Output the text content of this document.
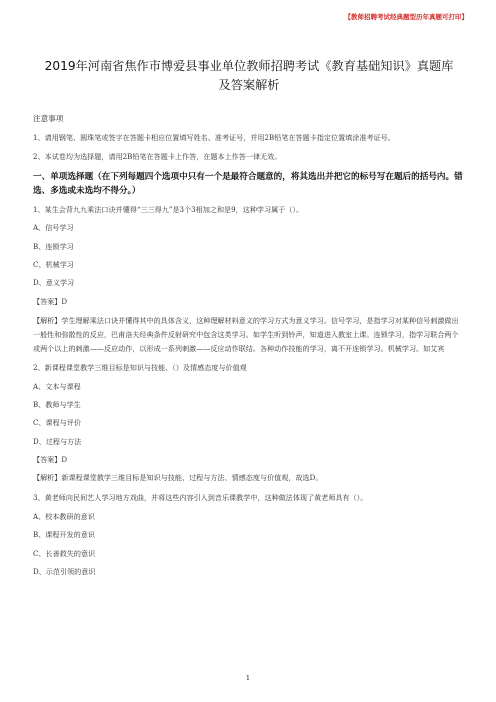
【教师招聘考试经典题型历年真题可打印】
2019年河南省焦作市博爱县事业单位教师招聘考试《教育基础知识》真题库及答案解析

注意事项

1、请用钢笔、圆珠笔或签字在答题卡相应位置填写姓名、准考证号，并用2B铅笔在答题卡指定位置填涂准考证号。

2、本试卷均为选择题，请用2B铅笔在答题卡上作答，在题本上作答一律无效。

一、单项选择题（在下列每题四个选项中只有一个是最符合题意的，将其选出并把它的标号写在题后的括号内。错选、多选或未选均不得分。）

1、某生会背九九乘法口诀并懂得“三三得九”是3个3相加之和是9，这种学习属于（）。

A、信号学习

B、连锁学习

C、机械学习

D、意义学习

【答案】D

【解析】学生理解乘法口诀并懂得其中的具体含义，这种理解材料意义的学习方式为意义学习。信号学习，是指学习对某种信号刺激做出一般性和弥散性的反应，巴甫洛夫经典条件反射研究中包含这类学习。如学生听到铃声，知道进入教室上课。连锁学习，指学习联合两个或两个以上的刺激——反应动作，以形成一系列刺激——反应动作联结。各种动作技能的学习，离不开连锁学习。机械学习。如艾宾

2、新课程课堂教学三维目标是知识与技能、（）及情感态度与价值观

A、文本与课程

B、教师与学生

C、课程与评价

D、过程与方法

【答案】D

【解析】新课程课堂教学三维目标是知识与技能、过程与方法、情感态度与价值观，故选D。

3、黄老师向民间艺人学习地方戏曲，并将这些内容引入到音乐课教学中，这种做法体现了黄老师具有（）。

A、校本教研的意识

B、课程开发的意识

C、长善救失的意识

D、示范引领的意识

1
